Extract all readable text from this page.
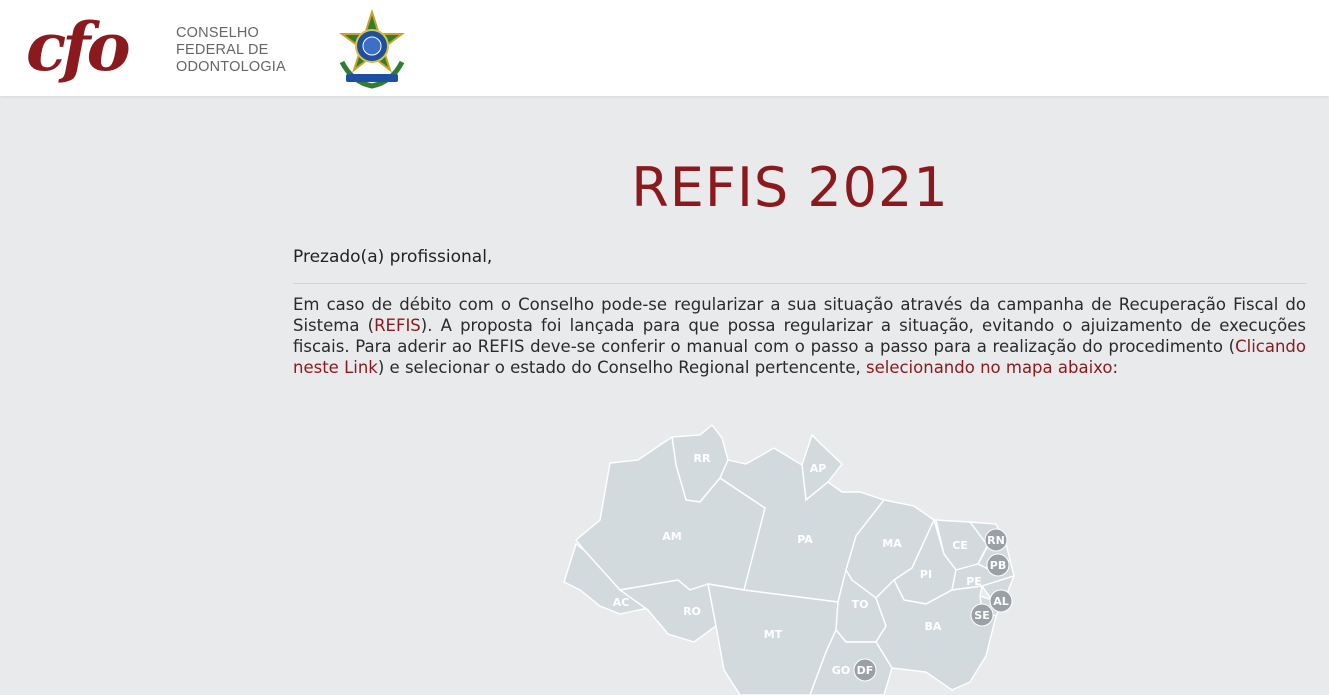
cfo	CONSELHO
FEDERAL DE
ODONTOLOGIA
REFIS 2021
Prezado(a) profissional,

Em caso de débito com o Conselho pode-se regularizar a sua situação através da campanha de Recuperação Fiscal do Sistema (REFIS). A proposta foi lançada para que possa regularizar a situação, evitando o ajuizamento de execuções fiscais. Para aderir ao REFIS deve-se conferir o manual com o passo a passo para a realização do procedimento (Clicando neste Link) e selecionar o estado do Conselho Regional pertencente, selecionando no mapa abaixo:

RR
AP
AM	PA	MA	CE
PI
AC
RO
TO
BA
MT
GO
PE
RN
PB
AL
SE
DF
